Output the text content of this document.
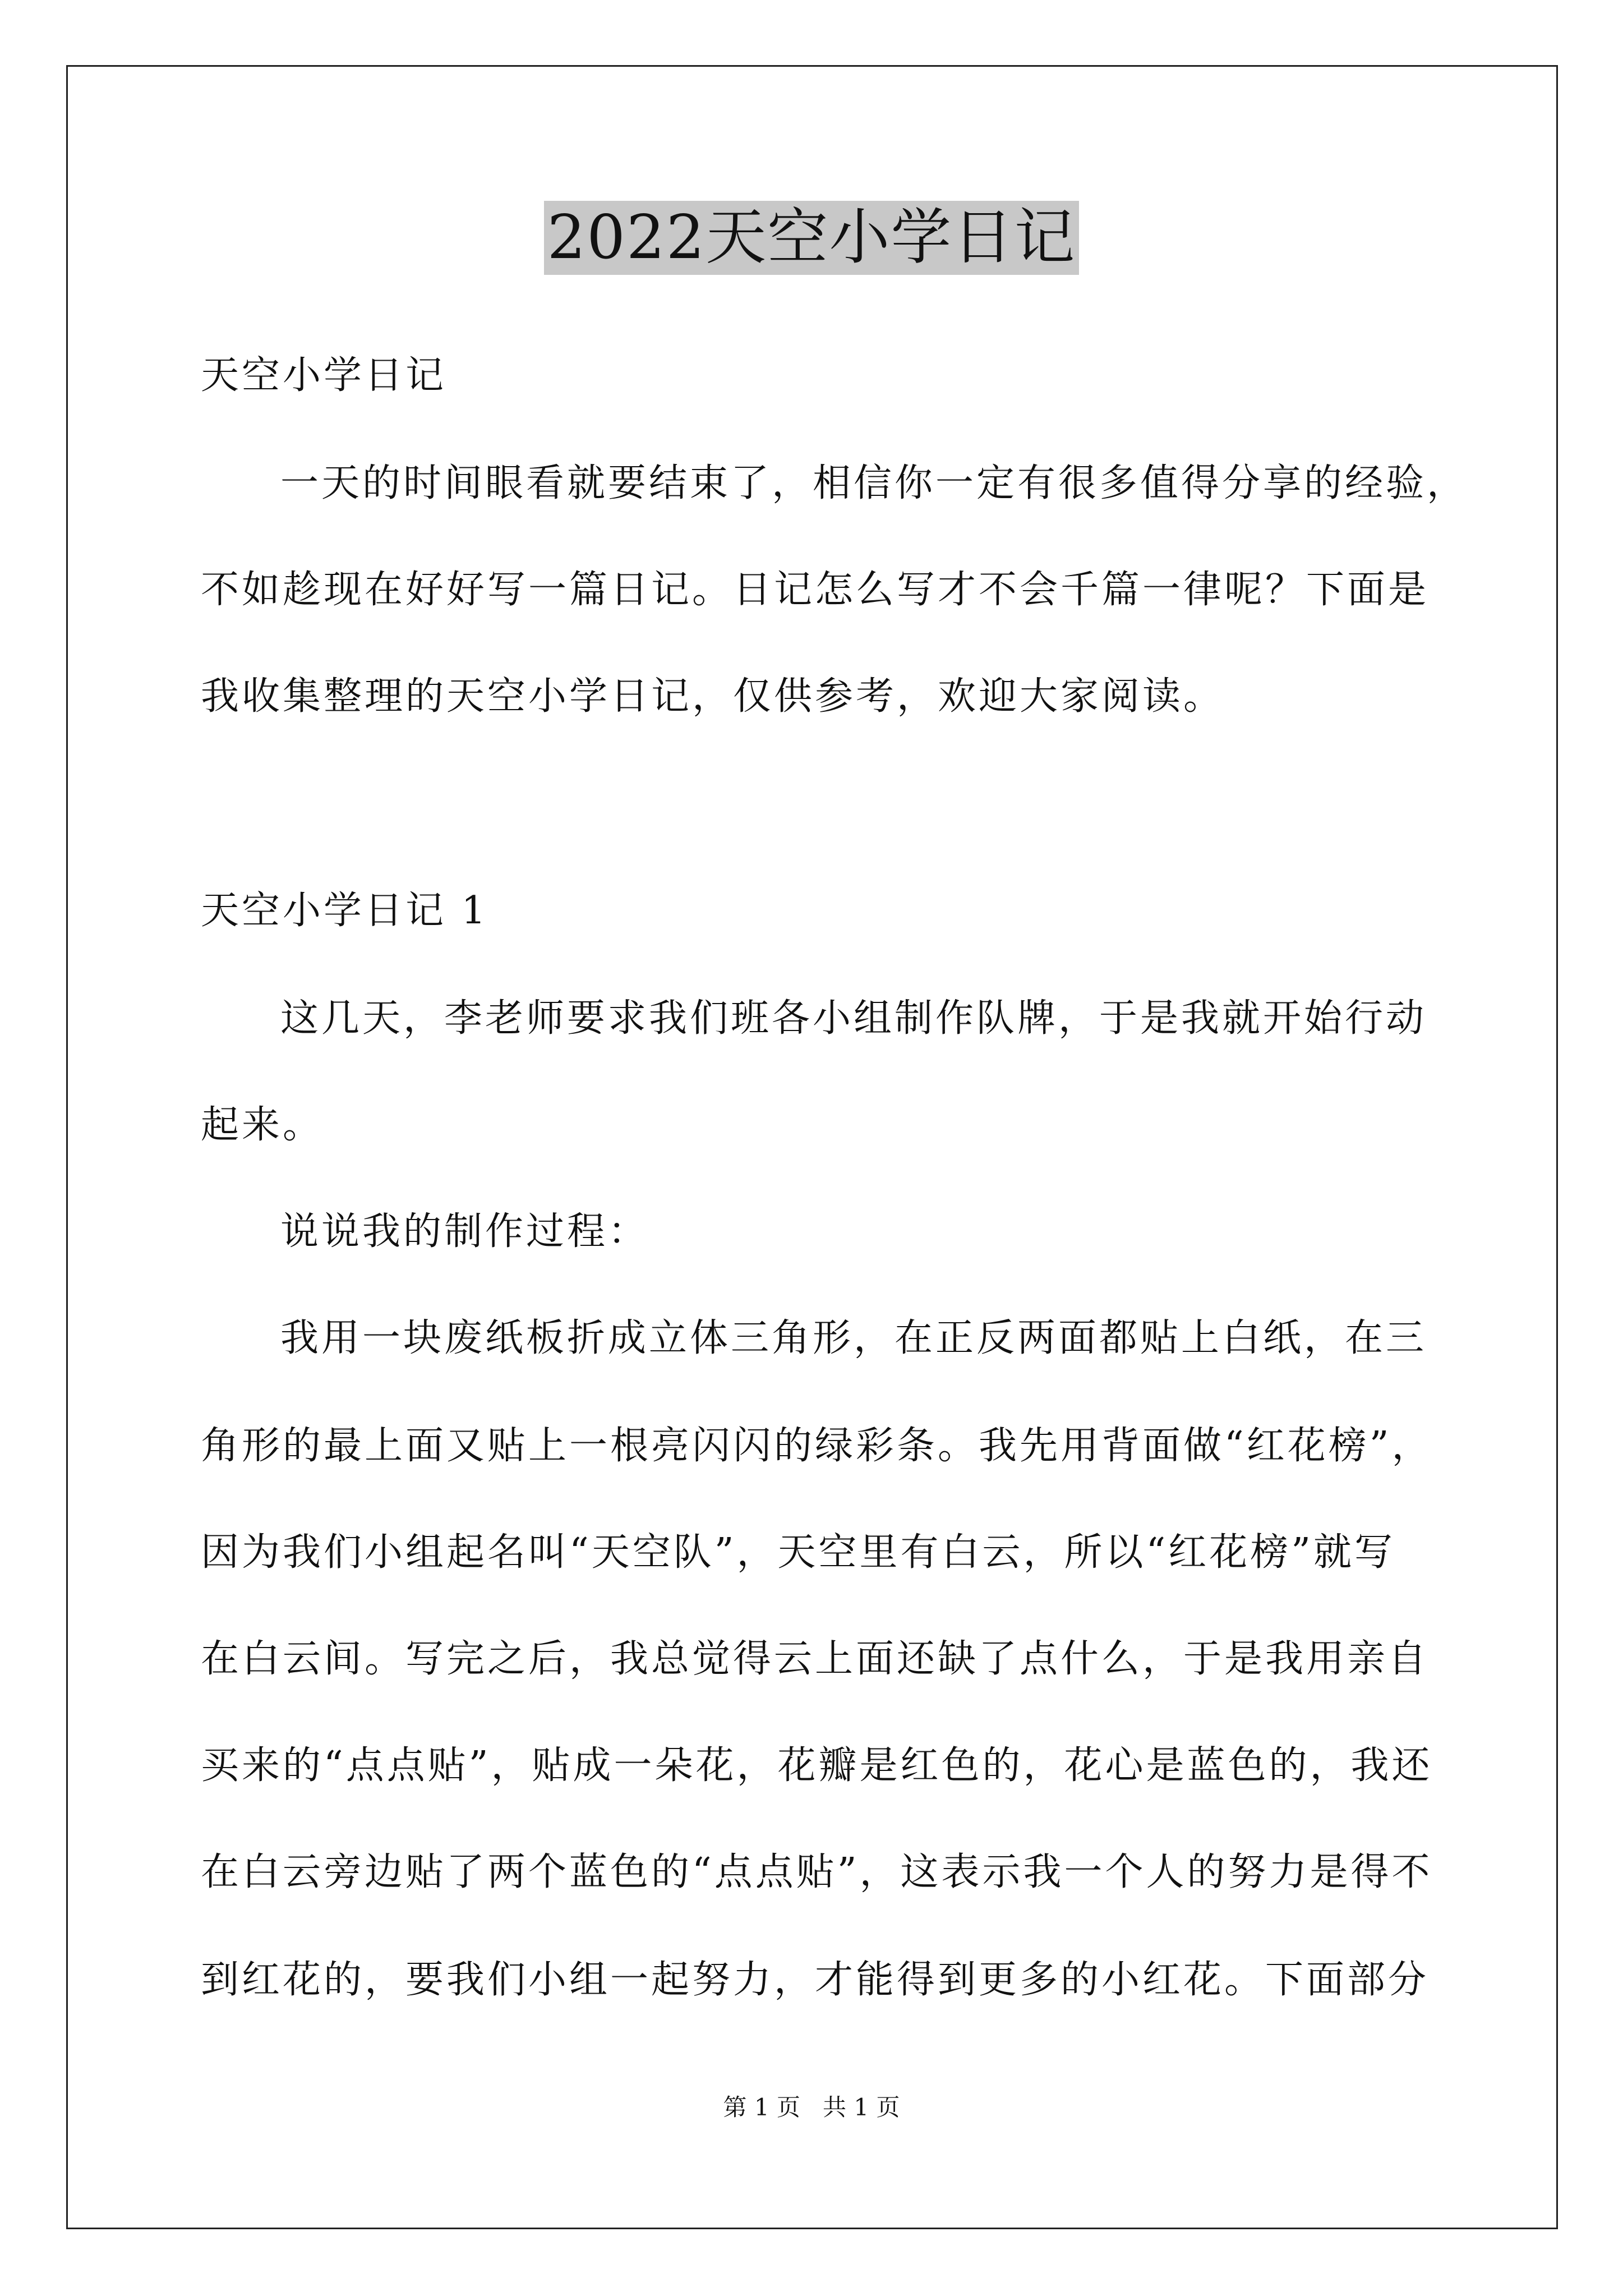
2022天空小学日记
天空小学日记
一天的时间眼看就要结束了，相信你一定有很多值得分享的经验，
不如趁现在好好写一篇日记。日记怎么写才不会千篇一律呢？下面是
我收集整理的天空小学日记，仅供参考，欢迎大家阅读。
天空小学日记 1
这几天，李老师要求我们班各小组制作队牌，于是我就开始行动
起来。
说说我的制作过程：
我用一块废纸板折成立体三角形，在正反两面都贴上白纸，在三
角形的最上面又贴上一根亮闪闪的绿彩条。我先用背面做“红花榜”，
因为我们小组起名叫“天空队”，天空里有白云，所以“红花榜”就写
在白云间。写完之后，我总觉得云上面还缺了点什么，于是我用亲自
买来的“点点贴”，贴成一朵花，花瓣是红色的，花心是蓝色的，我还
在白云旁边贴了两个蓝色的“点点贴”，这表示我一个人的努力是得不
到红花的，要我们小组一起努力，才能得到更多的小红花。下面部分
第 1 页   共 1 页
